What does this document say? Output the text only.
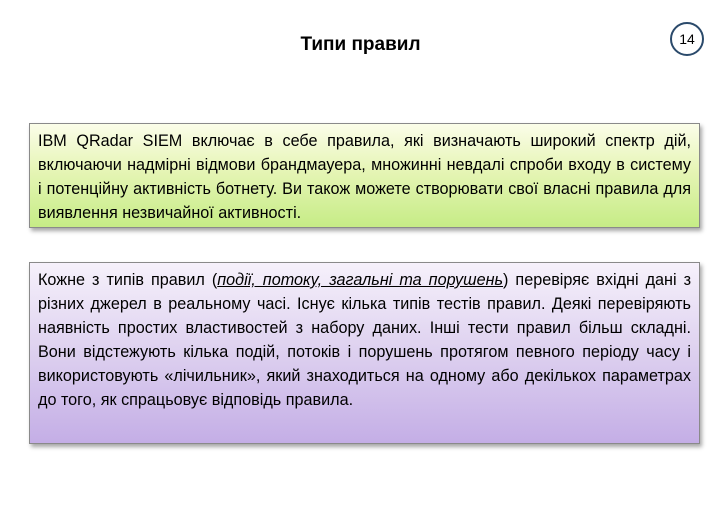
Типи правил	14

IBM QRadar SIEM включає в себе правила, які визначають широкий спектр дій, включаючи надмірні відмови брандмауера, множинні невдалі спроби входу в систему і потенційну активність ботнету. Ви також можете створювати свої власні правила для виявлення незвичайної активності.

Кожне з типів правил (події, потоку, загальні та порушень) перевіряє вхідні дані з різних джерел в реальному часі. Існує кілька типів тестів правил. Деякі перевіряють наявність простих властивостей з набору даних. Інші тести правил більш складні. Вони відстежують кілька подій, потоків і порушень протягом певного періоду часу і використовують «лічильник», який знаходиться на одному або декількох параметрах до того, як спрацьовує відповідь правила.
